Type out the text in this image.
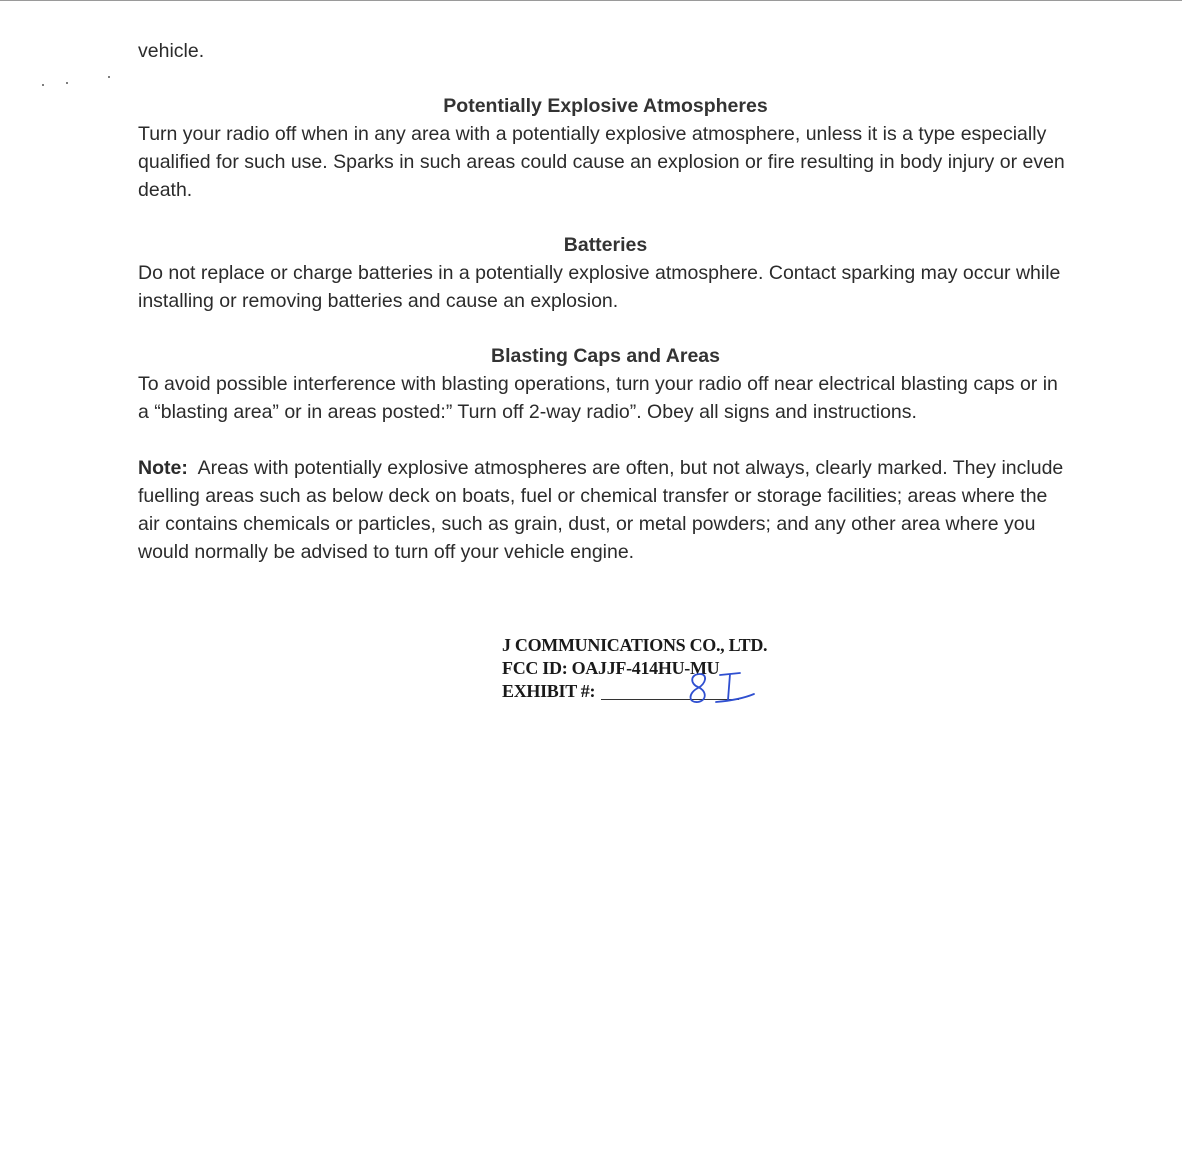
vehicle.

Potentially Explosive Atmospheres

Turn your radio off when in any area with a potentially explosive atmosphere, unless it is a type especially qualified for such use. Sparks in such areas could cause an explosion or fire resulting in body injury or even death.

Batteries

Do not replace or charge batteries in a potentially explosive atmosphere. Contact sparking may occur while installing or removing batteries and cause an explosion.

Blasting Caps and Areas

To avoid possible interference with blasting operations, turn your radio off near electrical blasting caps or in a “blasting area” or in areas posted:” Turn off 2-way radio”. Obey all signs and instructions.

Note: Areas with potentially explosive atmospheres are often, but not always, clearly marked. They include fuelling areas such as below deck on boats, fuel or chemical transfer or storage facilities; areas where the air contains chemicals or particles, such as grain, dust, or metal powders; and any other area where you would normally be advised to turn off your vehicle engine.

J COMMUNICATIONS CO., LTD.
FCC ID: OAJJF-414HU-MU
EXHIBIT #:
